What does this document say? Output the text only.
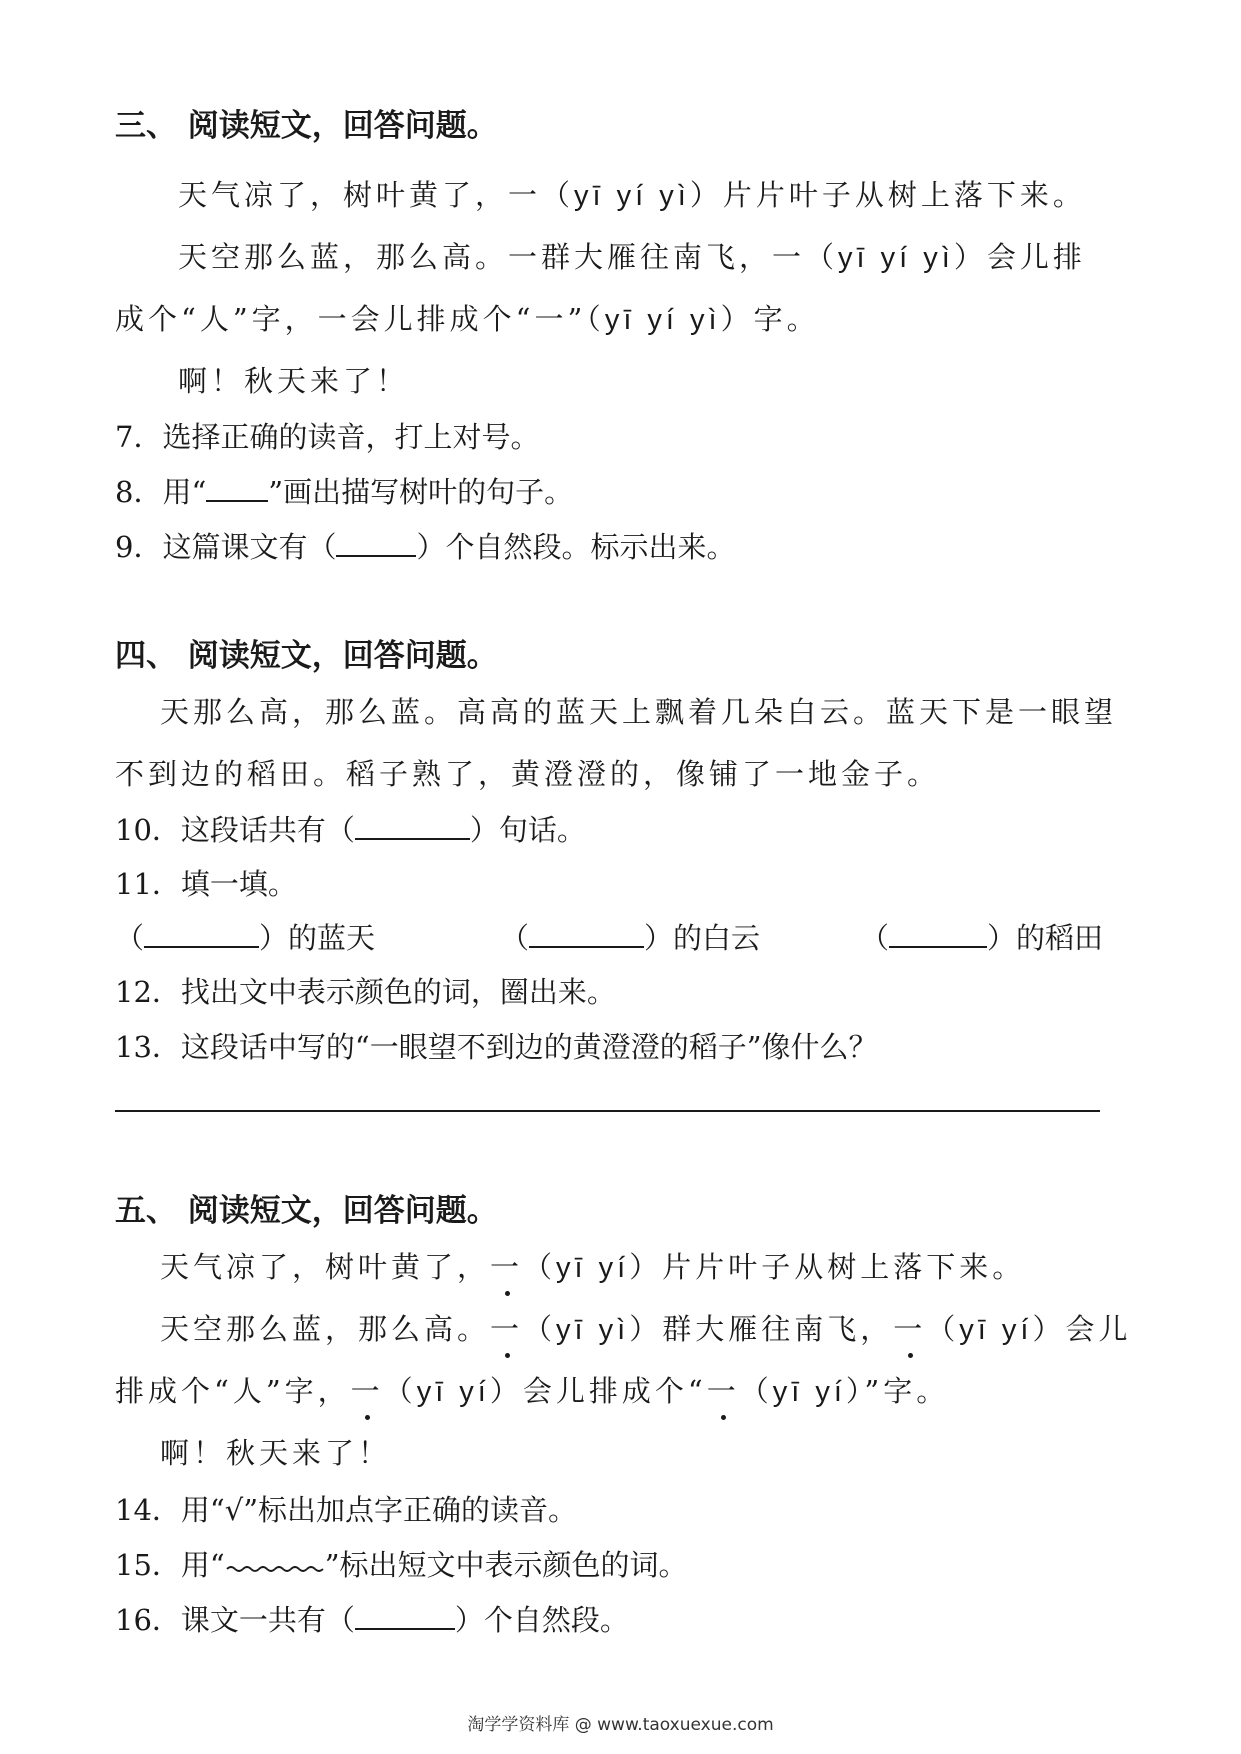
三、 阅读短文，回答问题。
天气凉了，树叶黄了，一（yī yí yì）片片叶子从树上落下来。
天空那么蓝，那么高。一群大雁往南飞，一（yī yí yì）会儿排
成个“人”字，一会儿排成个“一”（yī yí yì）字。
啊！秋天来了！
7．选择正确的读音，打上对号。
8．用“ ”画出描写树叶的句子。
9．这篇课文有（	）个自然段。标示出来。
四、 阅读短文，回答问题。
天那么高，那么蓝。高高的蓝天上飘着几朵白云。蓝天下是一眼望
不到边的稻田。稻子熟了，黄澄澄的，像铺了一地金子。
10．这段话共有（	）句话。
11．填一填。
（	）的蓝天	（	）的白云	（	）的稻田
12．找出文中表示颜色的词，圈出来。
13．这段话中写的“一眼望不到边的黄澄澄的稻子”像什么？
五、 阅读短文，回答问题。
天气凉了，树叶黄了，一（yī yí）片片叶子从树上落下来。
天空那么蓝，那么高。一（yī yì）群大雁往南飞，一（yī yí）会儿
排成个“人”字，一（yī yí）会儿排成个“一（yī yí）”字。
啊！秋天来了！
14．用“√”标出加点字正确的读音。
15．用“	”标出短文中表示颜色的词。
16．课文一共有（	）个自然段。
淘学学资料库 @ www.taoxuexue.com
